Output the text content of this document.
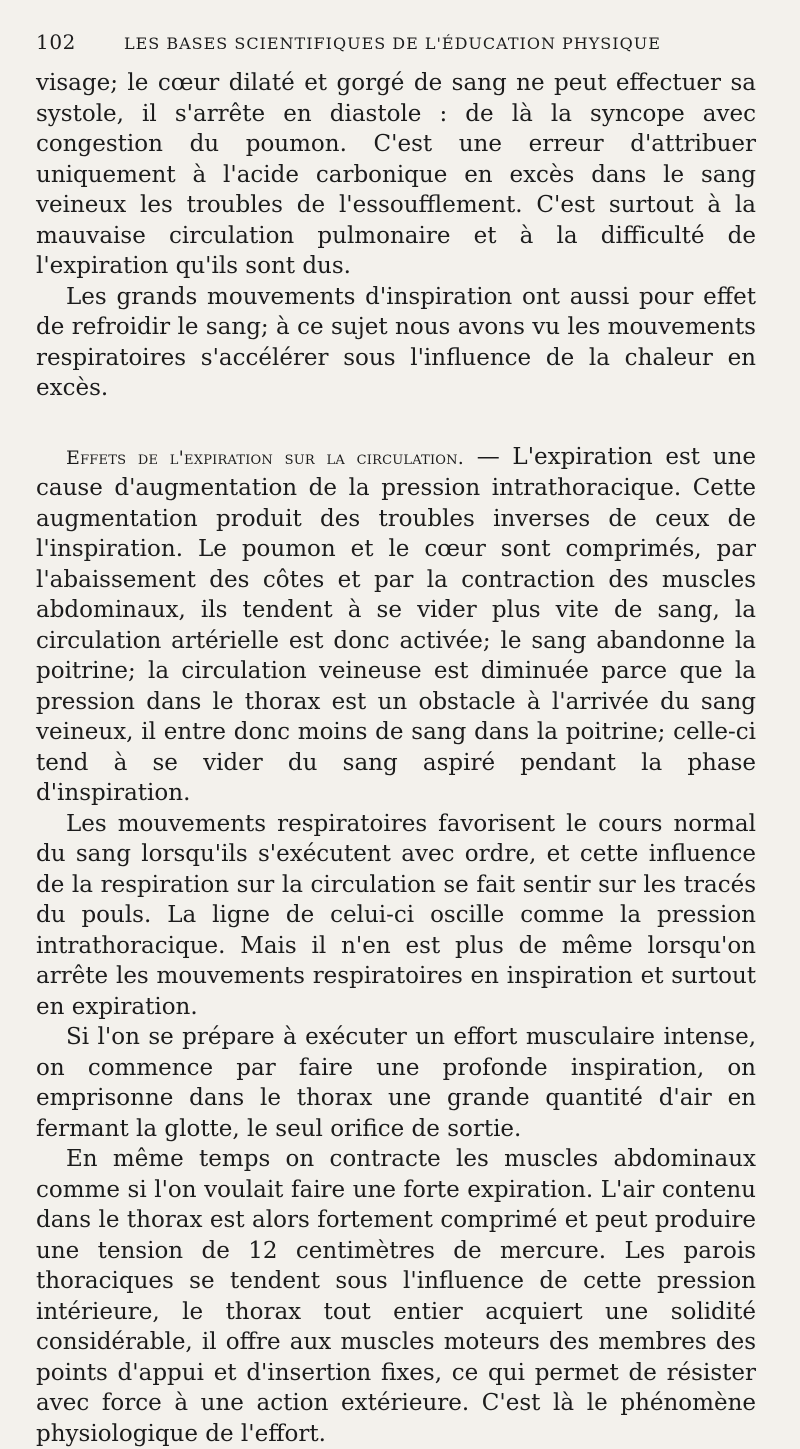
102	LES BASES SCIENTIFIQUES DE L'ÉDUCATION PHYSIQUE

visage; le cœur dilaté et gorgé de sang ne peut effectuer sa systole, il s'arrête en diastole : de là la syncope avec congestion du poumon. C'est une erreur d'attribuer uniquement à l'acide carbonique en excès dans le sang veineux les troubles de l'essoufflement. C'est surtout à la mauvaise circulation pulmonaire et à la difficulté de l'expiration qu'ils sont dus.

Les grands mouvements d'inspiration ont aussi pour effet de refroidir le sang; à ce sujet nous avons vu les mouvements respiratoires s'accélérer sous l'influence de la chaleur en excès.

Effets de l'expiration sur la circulation. — L'expiration est une cause d'augmentation de la pression intrathoracique. Cette augmentation produit des troubles inverses de ceux de l'inspiration. Le poumon et le cœur sont comprimés, par l'abaissement des côtes et par la contraction des muscles abdominaux, ils tendent à se vider plus vite de sang, la circulation artérielle est donc activée; le sang abandonne la poitrine; la circulation veineuse est diminuée parce que la pression dans le thorax est un obstacle à l'arrivée du sang veineux, il entre donc moins de sang dans la poitrine; celle-ci tend à se vider du sang aspiré pendant la phase d'inspiration.

Les mouvements respiratoires favorisent le cours normal du sang lorsqu'ils s'exécutent avec ordre, et cette influence de la respiration sur la circulation se fait sentir sur les tracés du pouls. La ligne de celui-ci oscille comme la pression intrathoracique. Mais il n'en est plus de même lorsqu'on arrête les mouvements respiratoires en inspiration et surtout en expiration.

Si l'on se prépare à exécuter un effort musculaire intense, on commence par faire une profonde inspiration, on emprisonne dans le thorax une grande quantité d'air en fermant la glotte, le seul orifice de sortie.

En même temps on contracte les muscles abdominaux comme si l'on voulait faire une forte expiration. L'air contenu dans le thorax est alors fortement comprimé et peut produire une tension de 12 centimètres de mercure. Les parois thoraciques se tendent sous l'influence de cette pression intérieure, le thorax tout entier acquiert une solidité considérable, il offre aux muscles moteurs des membres des points d'appui et d'insertion fixes, ce qui permet de résister avec force à une action extérieure. C'est là le phénomène physiologique de l'effort.
